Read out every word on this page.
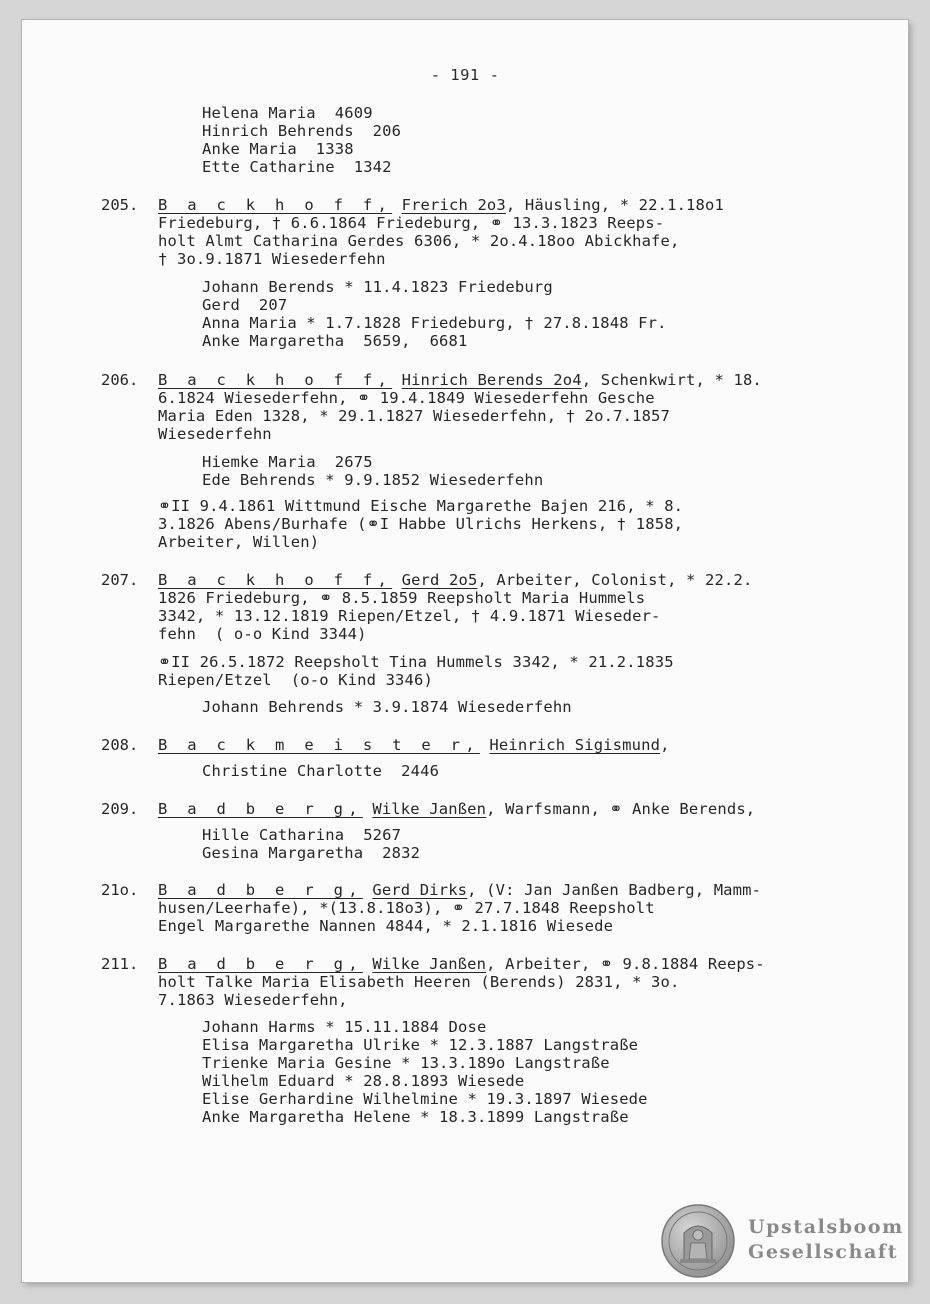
- 191 -
Helena Maria  4609
Hinrich Behrends  206
Anke Maria  1338
Ette Catharine  1342
205. B a c k h o f f, Frerich 2o3, Häusling, * 22.1.18o1
Friedeburg, † 6.6.1864 Friedeburg, ⚭ 13.3.1823 Reeps-
holt Almt Catharina Gerdes 6306, * 2o.4.18oo Abickhafe,
† 3o.9.1871 Wiesederfehn
Johann Berends * 11.4.1823 Friedeburg
Gerd  207
Anna Maria * 1.7.1828 Friedeburg, † 27.8.1848 Fr.
Anke Margaretha  5659,  6681
206. B a c k h o f f, Hinrich Berends 2o4, Schenkwirt, * 18.
6.1824 Wiesederfehn, ⚭ 19.4.1849 Wiesederfehn Gesche
Maria Eden 1328, * 29.1.1827 Wiesederfehn, † 2o.7.1857
Wiesederfehn
Hiemke Maria  2675
Ede Behrends * 9.9.1852 Wiesederfehn
⚭II 9.4.1861 Wittmund Eische Margarethe Bajen 216, * 8.
3.1826 Abens/Burhafe (⚭I Habbe Ulrichs Herkens, † 1858,
Arbeiter, Willen)
207. B a c k h o f f, Gerd 2o5, Arbeiter, Colonist, * 22.2.
1826 Friedeburg, ⚭ 8.5.1859 Reepsholt Maria Hummels
3342, * 13.12.1819 Riepen/Etzel, † 4.9.1871 Wieseder-
fehn  ( o-o Kind 3344)
⚭II 26.5.1872 Reepsholt Tina Hummels 3342, * 21.2.1835
Riepen/Etzel  (o-o Kind 3346)
Johann Behrends * 3.9.1874 Wiesederfehn
208. B a c k m e i s t e r, Heinrich Sigismund,
Christine Charlotte  2446
209. B a d b e r g, Wilke Janßen, Warfsmann, ⚭ Anke Berends,
Hille Catharina  5267
Gesina Margaretha  2832
21o. B a d b e r g, Gerd Dirks, (V: Jan Janßen Badberg, Mamm-
husen/Leerhafe), *(13.8.18o3), ⚭ 27.7.1848 Reepsholt
Engel Margarethe Nannen 4844, * 2.1.1816 Wiesede
211. B a d b e r g, Wilke Janßen, Arbeiter, ⚭ 9.8.1884 Reeps-
holt Talke Maria Elisabeth Heeren (Berends) 2831, * 3o.
7.1863 Wiesederfehn,
Johann Harms * 15.11.1884 Dose
Elisa Margaretha Ulrike * 12.3.1887 Langstraße
Trienke Maria Gesine * 13.3.189o Langstraße
Wilhelm Eduard * 28.8.1893 Wiesede
Elise Gerhardine Wilhelmine * 19.3.1897 Wiesede
Anke Margaretha Helene * 18.3.1899 Langstraße
Upstalsboom
Gesellschaft
